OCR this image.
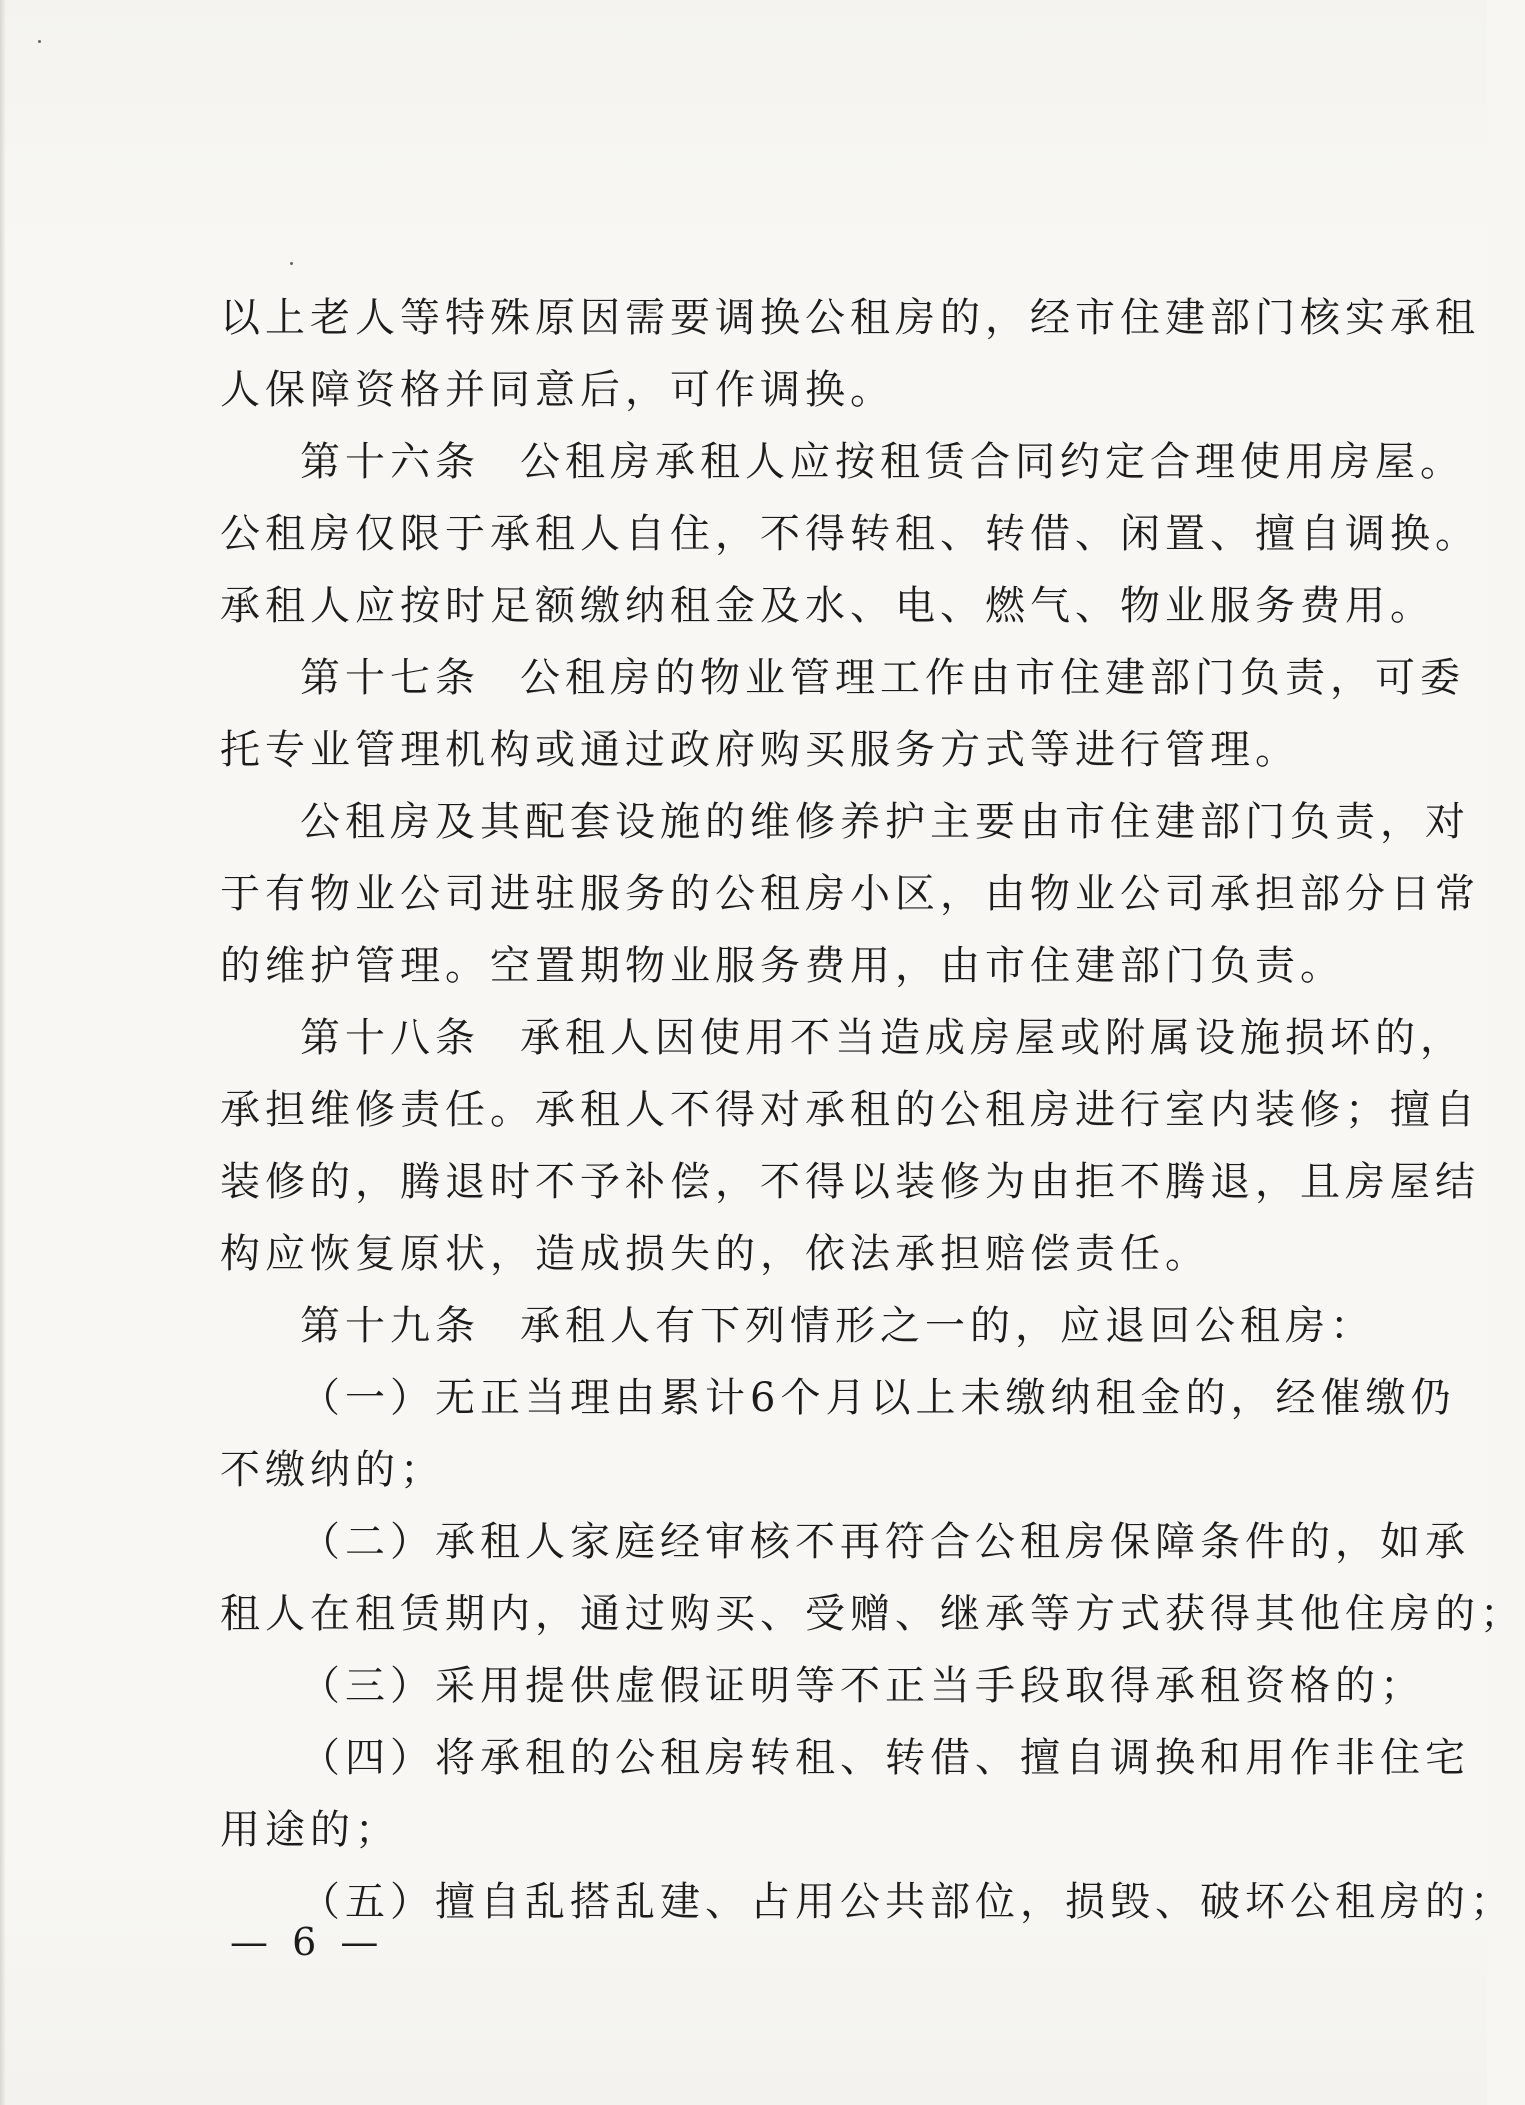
以上老人等特殊原因需要调换公租房的，经市住建部门核实承租
人保障资格并同意后，可作调换。
第十六条 公租房承租人应按租赁合同约定合理使用房屋。
公租房仅限于承租人自住，不得转租、转借、闲置、擅自调换。
承租人应按时足额缴纳租金及水、电、燃气、物业服务费用。
第十七条 公租房的物业管理工作由市住建部门负责，可委
托专业管理机构或通过政府购买服务方式等进行管理。
公租房及其配套设施的维修养护主要由市住建部门负责，对
于有物业公司进驻服务的公租房小区，由物业公司承担部分日常
的维护管理。空置期物业服务费用，由市住建部门负责。
第十八条 承租人因使用不当造成房屋或附属设施损坏的，
承担维修责任。承租人不得对承租的公租房进行室内装修；擅自
装修的，腾退时不予补偿，不得以装修为由拒不腾退，且房屋结
构应恢复原状，造成损失的，依法承担赔偿责任。
第十九条 承租人有下列情形之一的，应退回公租房：
（一）无正当理由累计6个月以上未缴纳租金的，经催缴仍
不缴纳的；
（二）承租人家庭经审核不再符合公租房保障条件的，如承
租人在租赁期内，通过购买、受赠、继承等方式获得其他住房的；
（三）采用提供虚假证明等不正当手段取得承租资格的；
（四）将承租的公租房转租、转借、擅自调换和用作非住宅
用途的；
（五）擅自乱搭乱建、占用公共部位，损毁、破坏公租房的；
— 6 —
